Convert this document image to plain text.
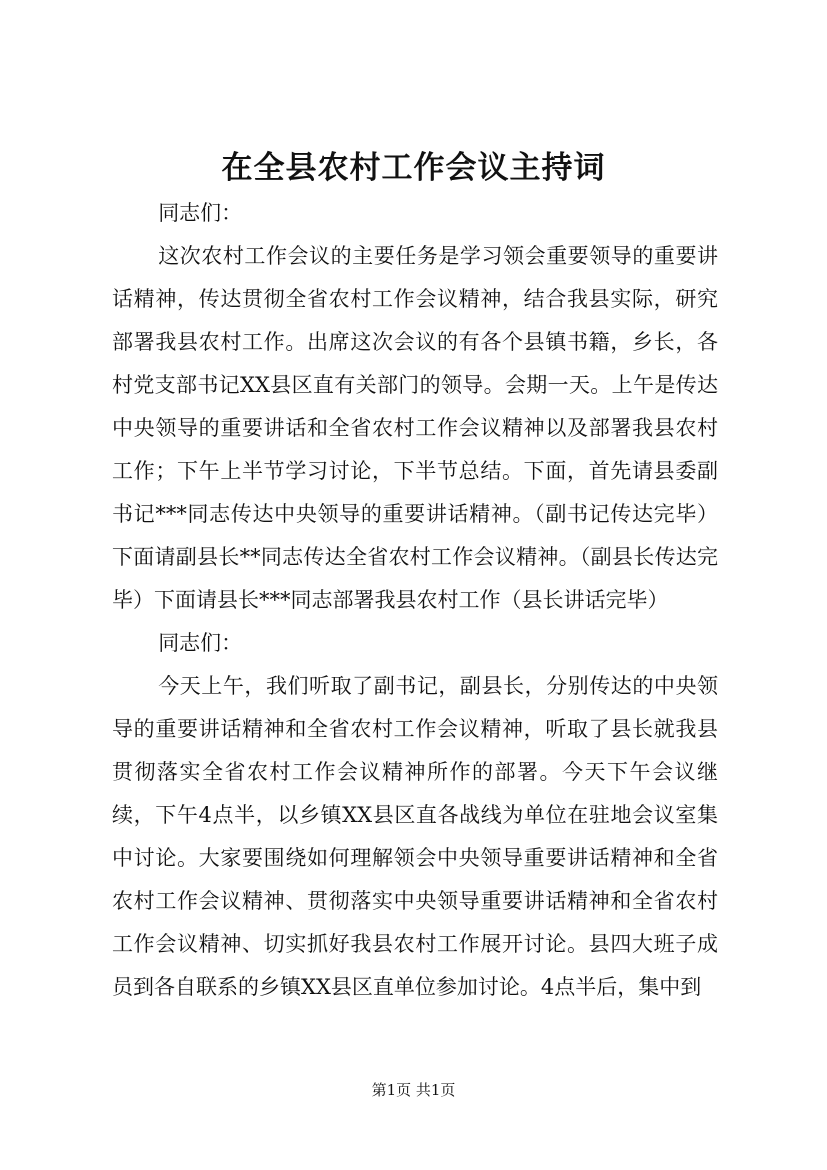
在全县农村工作会议主持词

同志们：

这次农村工作会议的主要任务是学习领会重要领导的重要讲话精神，传达贯彻全省农村工作会议精神，结合我县实际，研究部署我县农村工作。出席这次会议的有各个县镇书籍，乡长，各村党支部书记XX县区直有关部门的领导。会期一天。上午是传达中央领导的重要讲话和全省农村工作会议精神以及部署我县农村工作；下午上半节学习讨论，下半节总结。下面，首先请县委副书记***同志传达中央领导的重要讲话精神。（副书记传达完毕）下面请副县长**同志传达全省农村工作会议精神。（副县长传达完毕）下面请县长***同志部署我县农村工作（县长讲话完毕）

同志们：

今天上午，我们听取了副书记，副县长，分别传达的中央领导的重要讲话精神和全省农村工作会议精神，听取了县长就我县贯彻落实全省农村工作会议精神所作的部署。今天下午会议继续，下午4点半，以乡镇XX县区直各战线为单位在驻地会议室集中讨论。大家要围绕如何理解领会中央领导重要讲话精神和全省农村工作会议精神、贯彻落实中央领导重要讲话精神和全省农村工作会议精神、切实抓好我县农村工作展开讨论。县四大班子成员到各自联系的乡镇XX县区直单位参加讨论。4点半后，集中到

第1页 共1页
